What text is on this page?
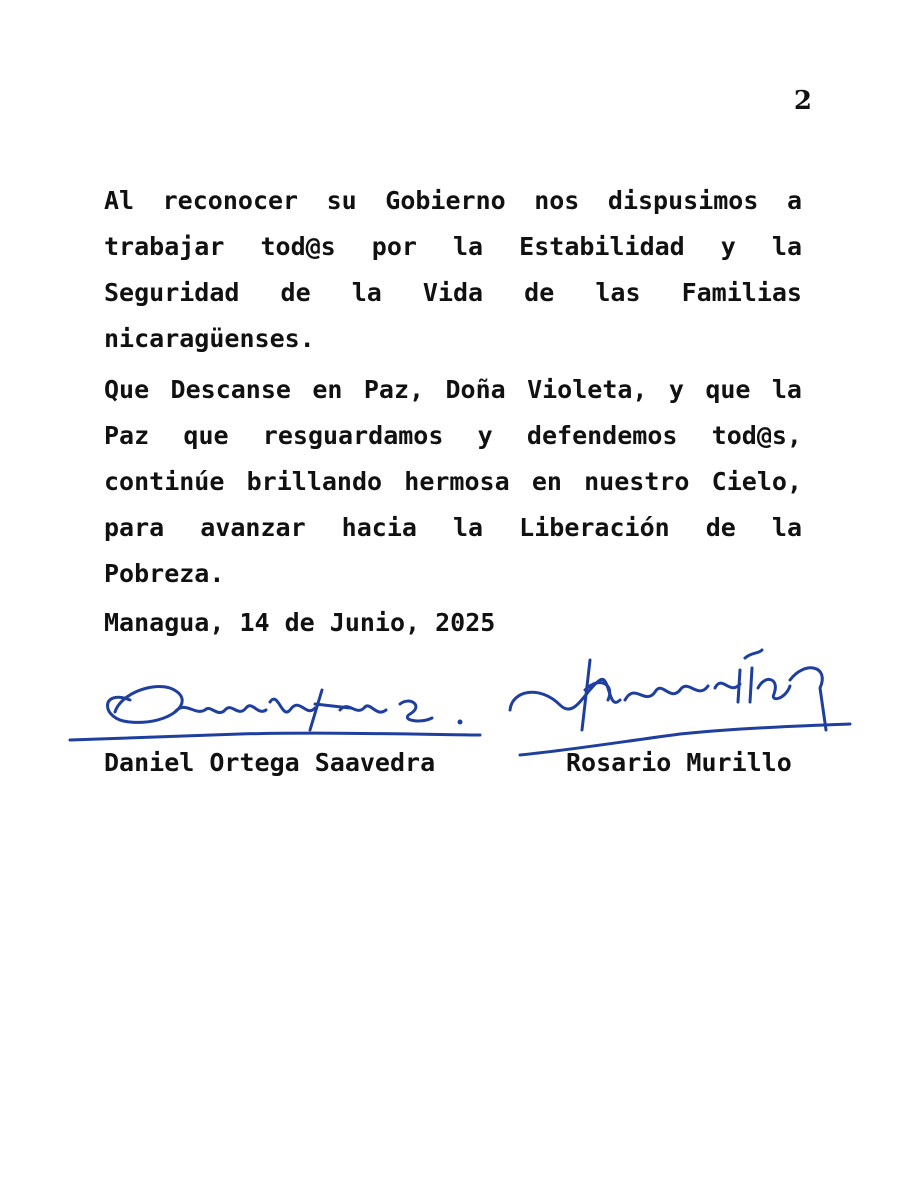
2

Al reconocer su Gobierno nos dispusimos a trabajar tod@s por la Estabilidad y la Seguridad de la Vida de las Familias nicaragüenses.

Que Descanse en Paz, Doña Violeta, y que la Paz que resguardamos y defendemos tod@s, continúe brillando hermosa en nuestro Cielo, para avanzar hacia la Liberación de la Pobreza.

Managua, 14 de Junio, 2025
Daniel Ortega Saavedra	Rosario Murillo
